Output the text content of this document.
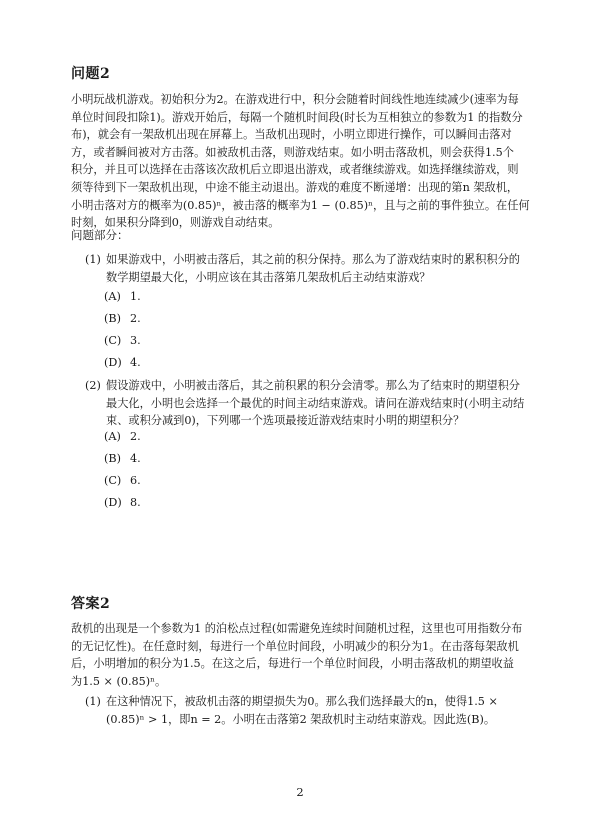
问题2
小明玩战机游戏。初始积分为2。在游戏进行中，积分会随着时间线性地连续减少(速率为每
单位时间段扣除1)。游戏开始后，每隔一个随机时间段(时长为互相独立的参数为1 的指数分
布)，就会有一架敌机出现在屏幕上。当敌机出现时，小明立即进行操作，可以瞬间击落对
方，或者瞬间被对方击落。如被敌机击落，则游戏结束。如小明击落敌机，则会获得1.5个
积分，并且可以选择在击落该次敌机后立即退出游戏，或者继续游戏。如选择继续游戏，则
须等待到下一架敌机出现，中途不能主动退出。游戏的难度不断递增：出现的第n 架敌机，
小明击落对方的概率为(0.85)ⁿ，被击落的概率为1 − (0.85)ⁿ，且与之前的事件独立。在任何
时刻，如果积分降到0，则游戏自动结束。
问题部分：
(1) 如果游戏中，小明被击落后，其之前的积分保持。那么为了游戏结束时的累积积分的
数学期望最大化，小明应该在其击落第几架敌机后主动结束游戏？
(A) 1.
(B) 2.
(C) 3.
(D) 4.
(2) 假设游戏中，小明被击落后，其之前积累的积分会清零。那么为了结束时的期望积分
最大化，小明也会选择一个最优的时间主动结束游戏。请问在游戏结束时(小明主动结
束、或积分减到0)，下列哪一个选项最接近游戏结束时小明的期望积分？
(A) 2.
(B) 4.
(C) 6.
(D) 8.
答案2
敌机的出现是一个参数为1 的泊松点过程(如需避免连续时间随机过程，这里也可用指数分布
的无记忆性)。在任意时刻，每进行一个单位时间段，小明减少的积分为1。在击落每架敌机
后，小明增加的积分为1.5。在这之后，每进行一个单位时间段，小明击落敌机的期望收益
为1.5 × (0.85)ⁿ。
(1) 在这种情况下，被敌机击落的期望损失为0。那么我们选择最大的n，使得1.5 ×
(0.85)ⁿ > 1，即n = 2。小明在击落第2 架敌机时主动结束游戏。因此选(B)。
2
